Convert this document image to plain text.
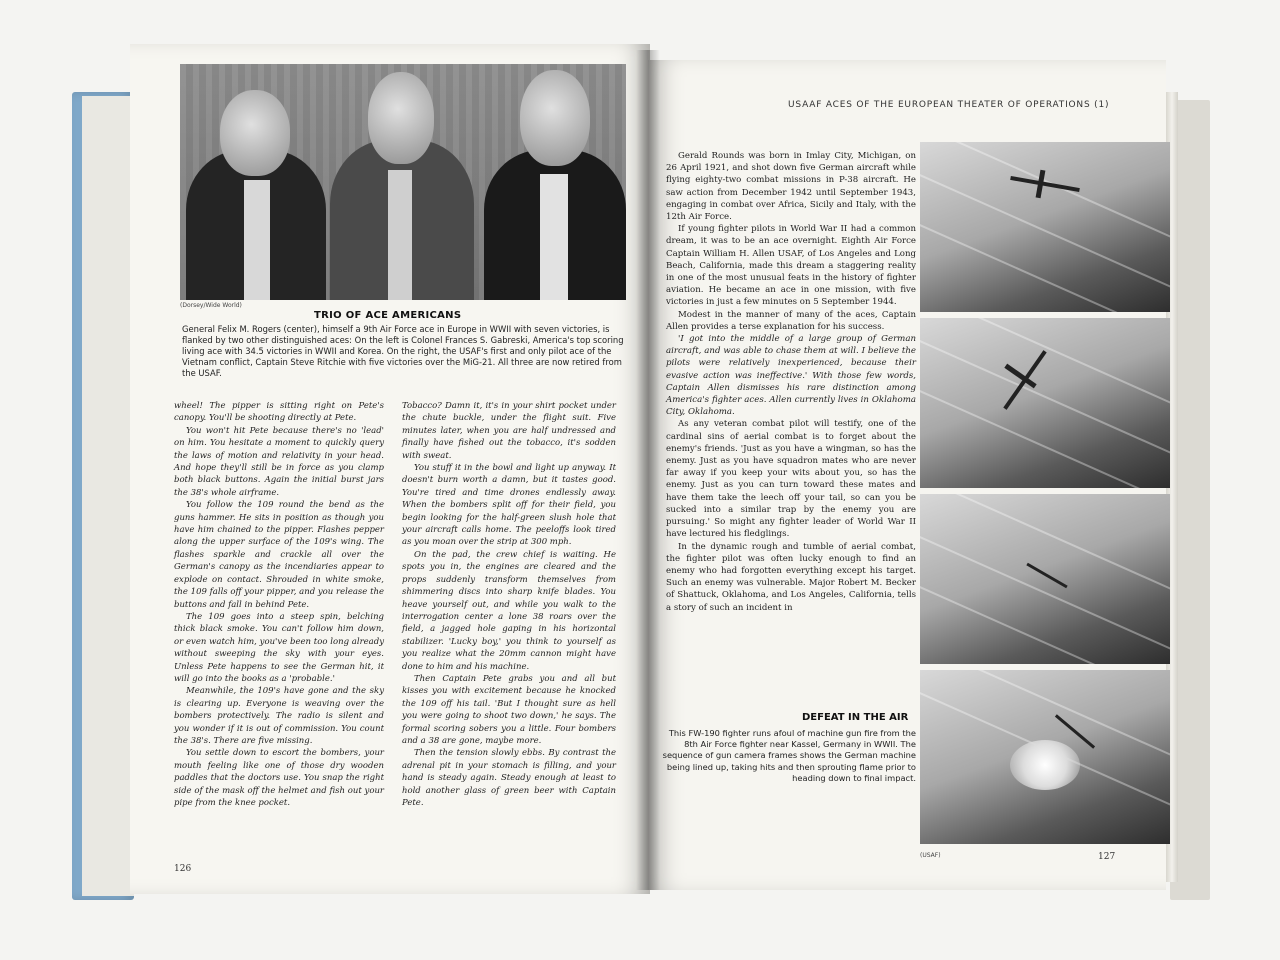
(Dorsey/Wide World)
TRIO OF ACE AMERICANS
General Felix M. Rogers (center), himself a 9th Air Force ace in Europe in WWII with seven victories, is flanked by two other distinguished aces: On the left is Colonel Frances S. Gabreski, America's top scoring living ace with 34.5 victories in WWII and Korea. On the right, the USAF's first and only pilot ace of the Vietnam conflict, Captain Steve Ritchie with five victories over the MiG-21. All three are now retired from the USAF.

wheel! The pipper is sitting right on Pete's canopy. You'll be shooting directly at Pete.

You won't hit Pete because there's no 'lead' on him. You hesitate a moment to quickly query the laws of motion and relativity in your head. And hope they'll still be in force as you clamp both black buttons. Again the initial burst jars the 38's whole airframe.

You follow the 109 round the bend as the guns hammer. He sits in position as though you have him chained to the pipper. Flashes pepper along the upper surface of the 109's wing. The flashes sparkle and crackle all over the German's canopy as the incendiaries appear to explode on contact. Shrouded in white smoke, the 109 falls off your pipper, and you release the buttons and fall in behind Pete.

The 109 goes into a steep spin, belching thick black smoke. You can't follow him down, or even watch him, you've been too long already without sweeping the sky with your eyes. Unless Pete happens to see the German hit, it will go into the books as a 'probable.'

Meanwhile, the 109's have gone and the sky is clearing up. Everyone is weaving over the bombers protectively. The radio is silent and you wonder if it is out of commission. You count the 38's. There are five missing.

You settle down to escort the bombers, your mouth feeling like one of those dry wooden paddles that the doctors use. You snap the right side of the mask off the helmet and fish out your pipe from the knee pocket.

Tobacco? Damn it, it's in your shirt pocket under the chute buckle, under the flight suit. Five minutes later, when you are half undressed and finally have fished out the tobacco, it's sodden with sweat.

You stuff it in the bowl and light up anyway. It doesn't burn worth a damn, but it tastes good. You're tired and time drones endlessly away. When the bombers split off for their field, you begin looking for the half-green slush hole that your aircraft calls home. The peeloffs look tired as you moan over the strip at 300 mph.

On the pad, the crew chief is waiting. He spots you in, the engines are cleared and the props suddenly transform themselves from shimmering discs into sharp knife blades. You heave yourself out, and while you walk to the interrogation center a lone 38 roars over the field, a jagged hole gaping in his horizontal stabilizer. 'Lucky boy,' you think to yourself as you realize what the 20mm cannon might have done to him and his machine.

Then Captain Pete grabs you and all but kisses you with excitement because he knocked the 109 off his tail. 'But I thought sure as hell you were going to shoot two down,' he says. The formal scoring sobers you a little. Four bombers and a 38 are gone, maybe more.

Then the tension slowly ebbs. By contrast the adrenal pit in your stomach is filling, and your hand is steady again. Steady enough at least to hold another glass of green beer with Captain Pete.

126
USAAF ACES OF THE EUROPEAN THEATER OF OPERATIONS (1)

Gerald Rounds was born in Imlay City, Michigan, on 26 April 1921, and shot down five German aircraft while flying eighty-two combat missions in P-38 aircraft. He saw action from December 1942 until September 1943, engaging in combat over Africa, Sicily and Italy, with the 12th Air Force.

If young fighter pilots in World War II had a common dream, it was to be an ace overnight. Eighth Air Force Captain William H. Allen USAF, of Los Angeles and Long Beach, California, made this dream a staggering reality in one of the most unusual feats in the history of fighter aviation. He became an ace in one mission, with five victories in just a few minutes on 5 September 1944.

Modest in the manner of many of the aces, Captain Allen provides a terse explanation for his success.

'I got into the middle of a large group of German aircraft, and was able to chase them at will. I believe the pilots were relatively inexperienced, because their evasive action was ineffective.' With those few words, Captain Allen dismisses his rare distinction among America's fighter aces. Allen currently lives in Oklahoma City, Oklahoma.

As any veteran combat pilot will testify, one of the cardinal sins of aerial combat is to forget about the enemy's friends. 'Just as you have a wingman, so has the enemy. Just as you have squadron mates who are never far away if you keep your wits about you, so has the enemy. Just as you can turn toward these mates and have them take the leech off your tail, so can you be sucked into a similar trap by the enemy you are pursuing.' So might any fighter leader of World War II have lectured his fledglings.

In the dynamic rough and tumble of aerial combat, the fighter pilot was often lucky enough to find an enemy who had forgotten everything except his target. Such an enemy was vulnerable. Major Robert M. Becker of Shattuck, Oklahoma, and Los Angeles, California, tells a story of such an incident in

DEFEAT IN THE AIR
This FW-190 fighter runs afoul of machine gun fire from the 8th Air Force fighter near Kassel, Germany in WWII. The sequence of gun camera frames shows the German machine being lined up, taking hits and then sprouting flame prior to heading down to final impact.
(USAF)	127
